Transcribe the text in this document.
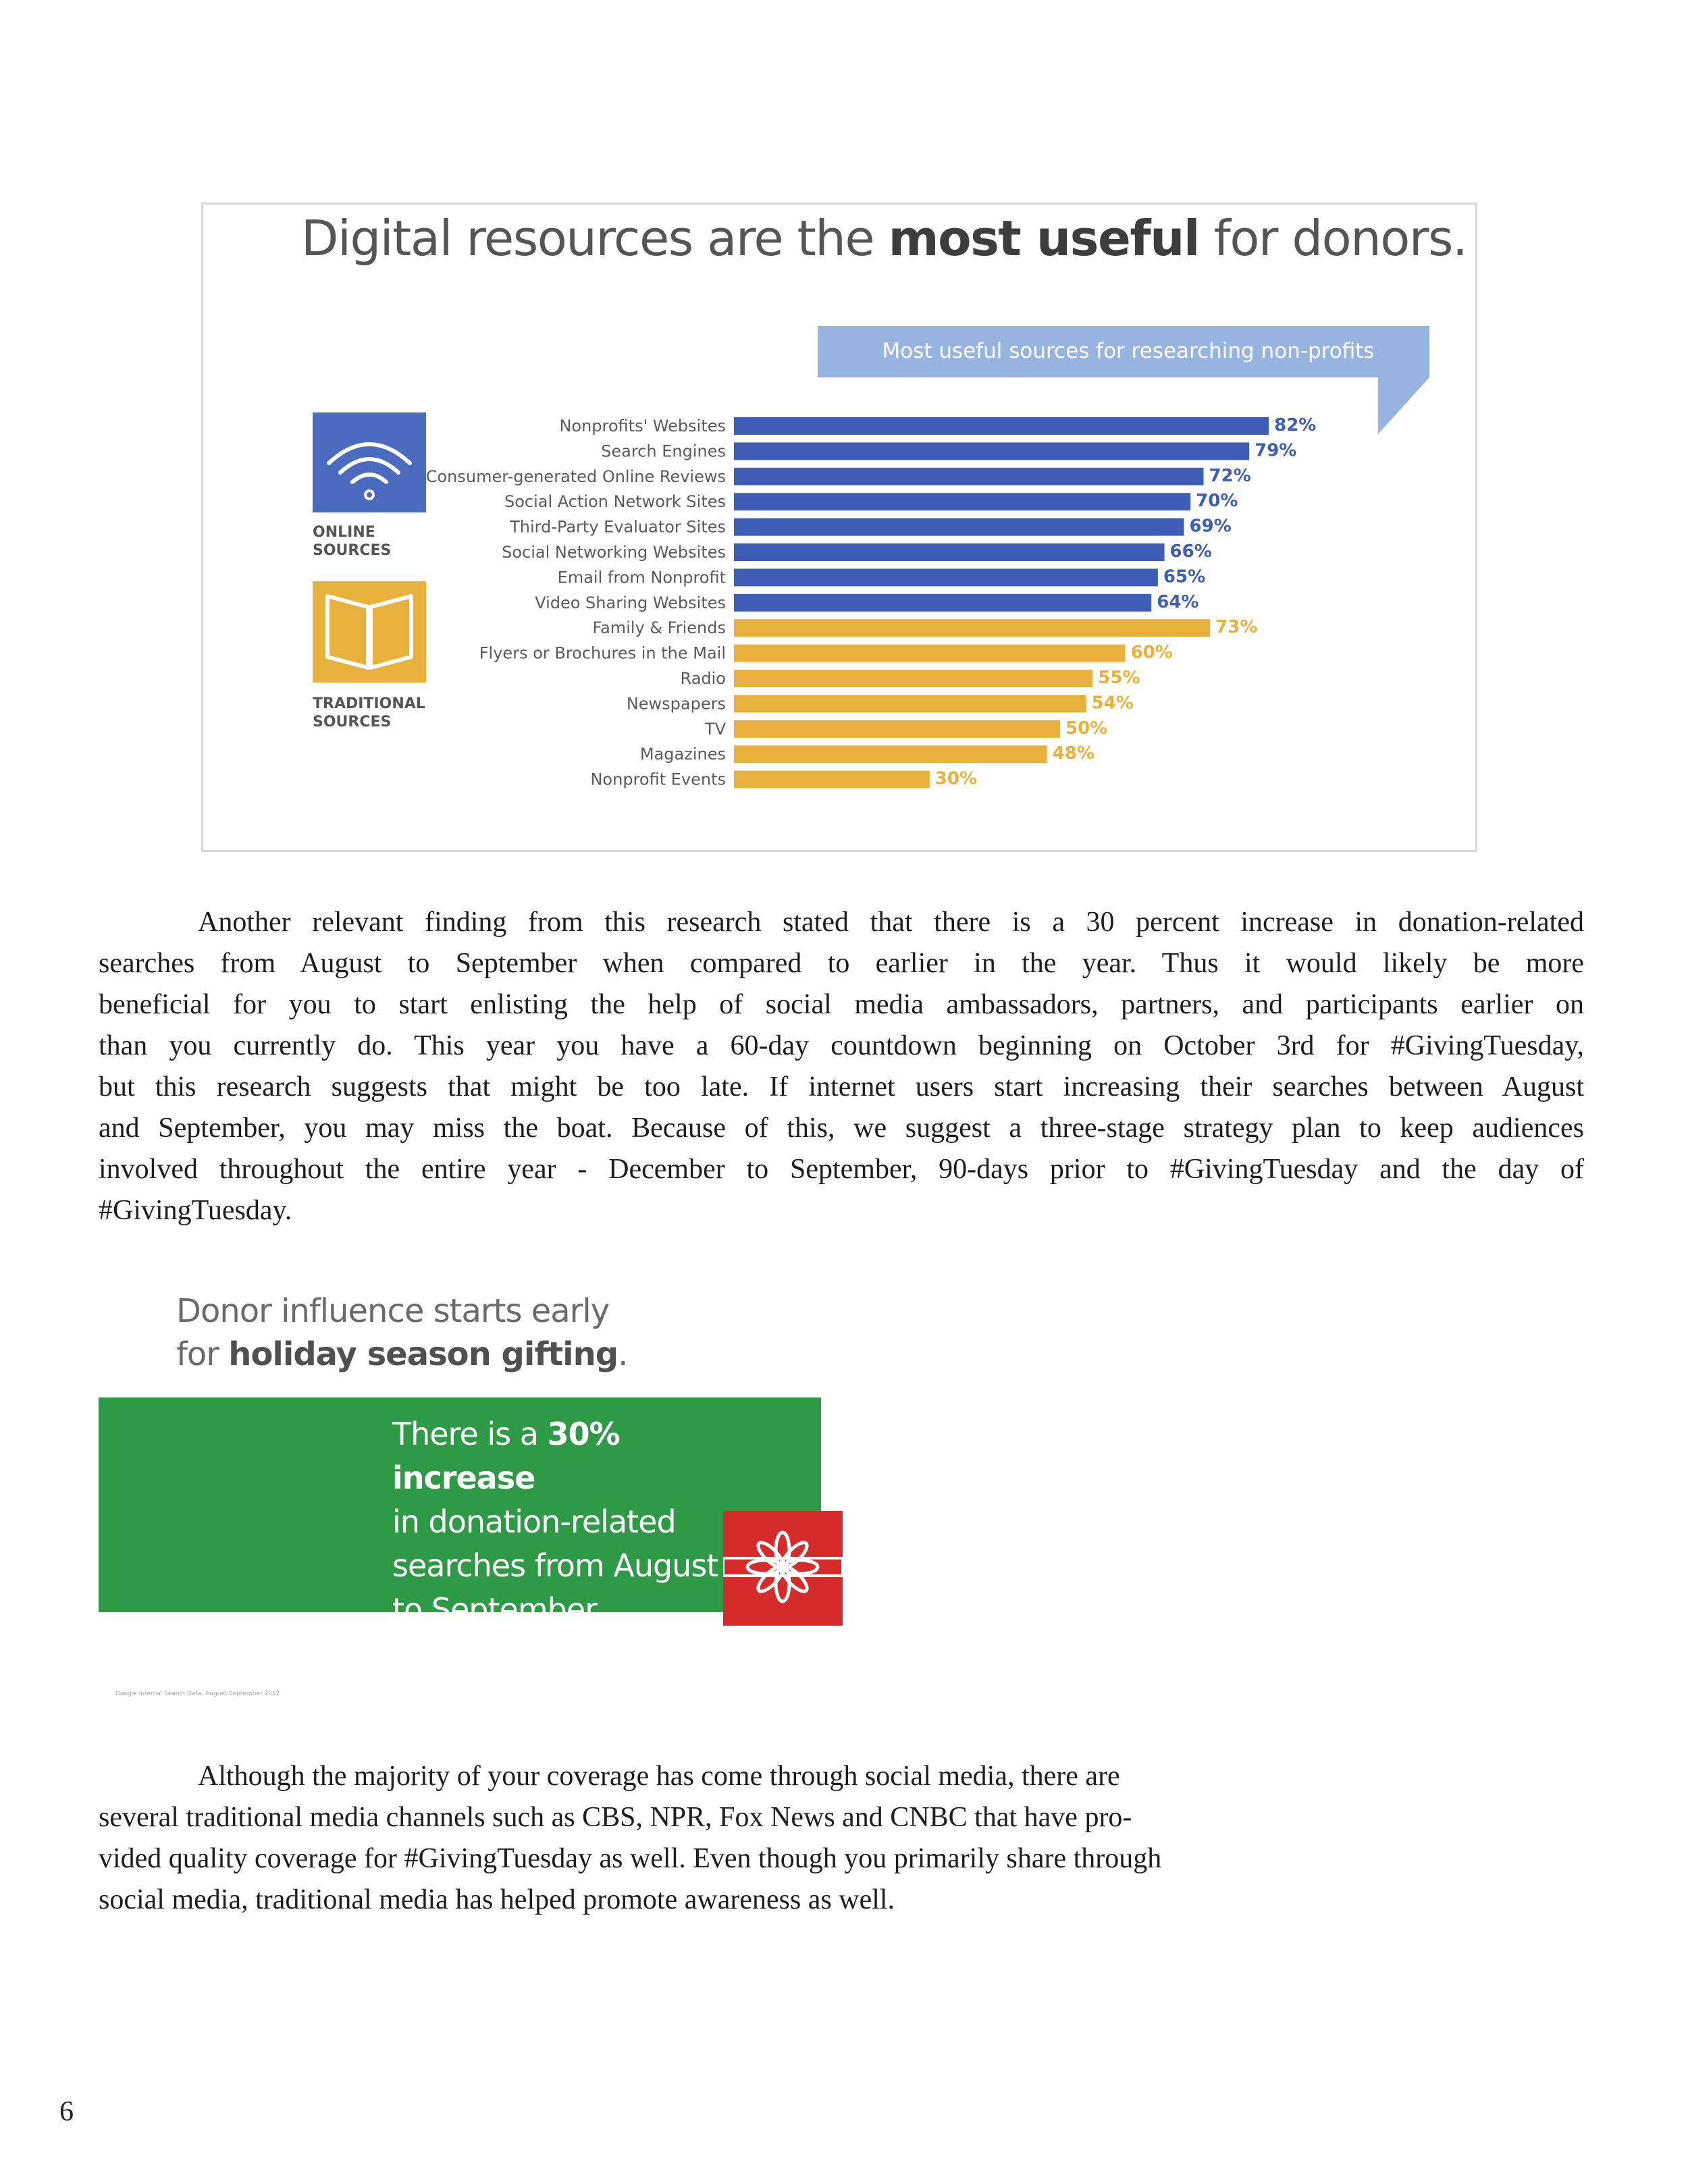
Digital resources are the most useful for donors.
Most useful sources for researching non-profits
ONLINE
SOURCES
TRADITIONAL
SOURCES
Nonprofits' Websites	82%
Search Engines	79%
Consumer-generated Online Reviews	72%
Social Action Network Sites	70%
Third-Party Evaluator Sites	69%
Social Networking Websites	66%
Email from Nonprofit	65%
Video Sharing Websites	64%
Family & Friends	73%
Flyers or Brochures in the Mail	60%
Radio	55%
Newspapers	54%
TV	50%
Magazines	48%
Nonprofit Events	30%
Another relevant finding from this research stated that there is a 30 percent increase in donation-related
searches from August to September when compared to earlier in the year. Thus it would likely be more
beneficial for you to start enlisting the help of social media ambassadors, partners, and participants earlier on
than you currently do. This year you have a 60-day countdown beginning on October 3rd for #GivingTuesday,
but this research suggests that might be too late. If internet users start increasing their searches between August
and September, you may miss the boat. Because of this, we suggest a three-stage strategy plan to keep audiences
involved throughout the entire year - December to September, 90-days prior to #GivingTuesday and the day of
#GivingTuesday.
Donor influence starts early
for holiday season gifting.

There is a 30% increase
in donation-related
searches from August
to September

Google Internal Search Data, August-September 2012
Although the majority of your coverage has come through social media, there are
several traditional media channels such as CBS, NPR, Fox News and CNBC that have pro-
vided quality coverage for #GivingTuesday as well. Even though you primarily share through
social media, traditional media has helped promote awareness as well.
6
